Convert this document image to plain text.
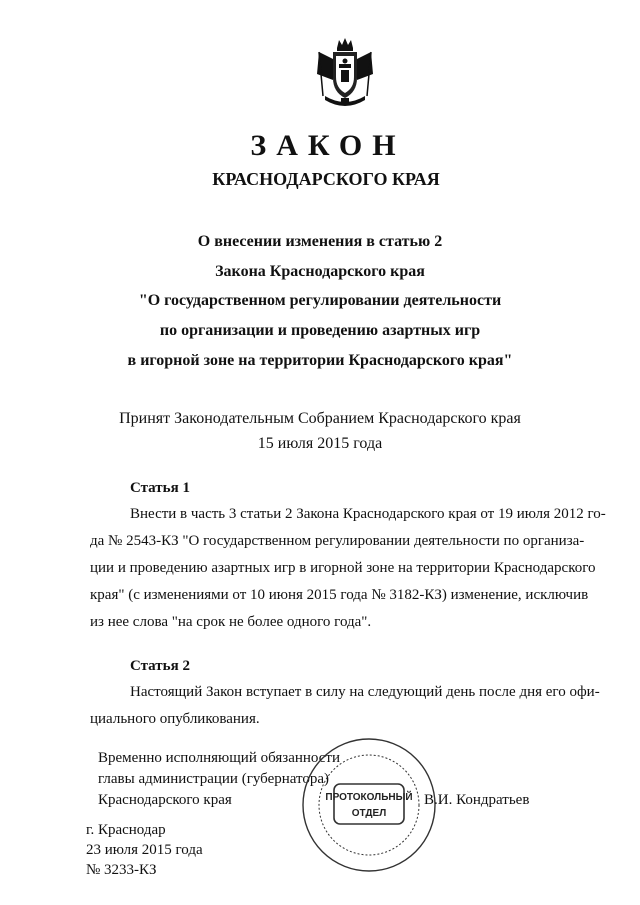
ЗАКОН
КРАСНОДАРСКОГО КРАЯ
О внесении изменения в статью 2
Закона Краснодарского края
"О государственном регулировании деятельности
по организации и проведению азартных игр
в игорной зоне на территории Краснодарского края"
Принят Законодательным Собранием Краснодарского края
15 июля 2015 года
Статья 1
Внести в часть 3 статьи 2 Закона Краснодарского края от 19 июля 2012 го-
да № 2543-КЗ "О государственном регулировании деятельности по организа-
ции и проведению азартных игр в игорной зоне на территории Краснодарского
края" (с изменениями от 10 июня 2015 года № 3182-КЗ) изменение, исключив
из нее слова "на срок не более одного года".
Статья 2
Настоящий Закон вступает в силу на следующий день после дня его офи-
циального опубликования.
Временно исполняющий обязанности
главы администрации (губернатора)
Краснодарского края	В.И. Кондратьев
ПРОТОКОЛЬНЫЙ
ОТДЕЛ
г. Краснодар
23 июля 2015 года
№ 3233-КЗ
